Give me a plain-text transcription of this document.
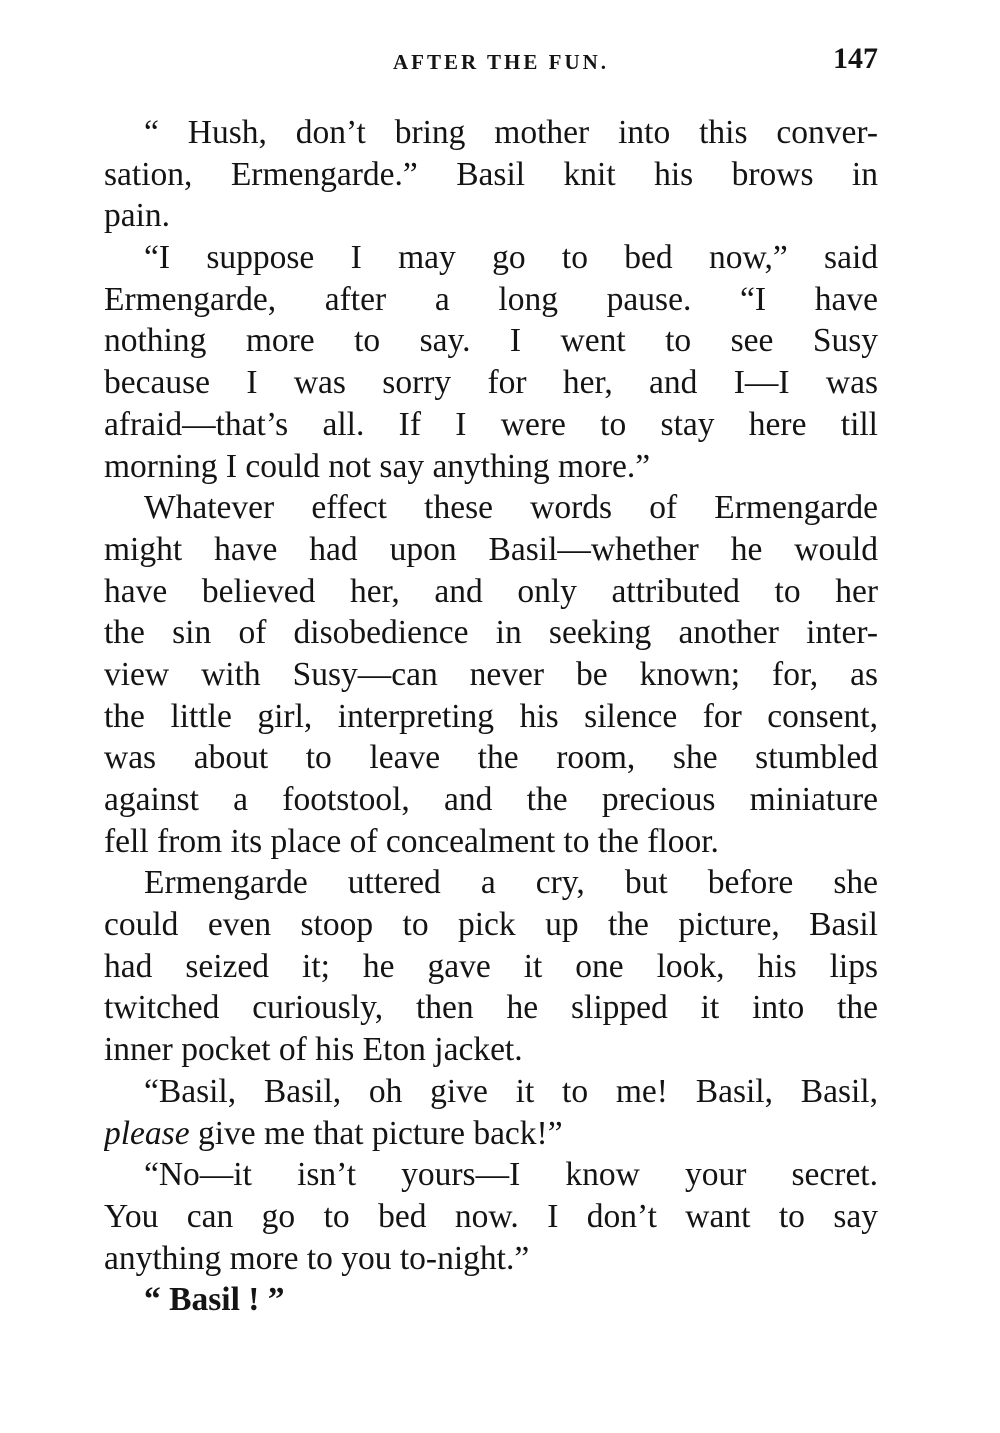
AFTER THE FUN.	147
“ Hush, don’t bring mother into this conver-
sation, Ermengarde.” Basil knit his brows in
pain.
“I suppose I may go to bed now,” said
Ermengarde, after a long pause. “I have
nothing more to say. I went to see Susy
because I was sorry for her, and I—I was
afraid—that’s all. If I were to stay here till
morning I could not say anything more.”
Whatever effect these words of Ermengarde
might have had upon Basil—whether he would
have believed her, and only attributed to her
the sin of disobedience in seeking another inter-
view with Susy—can never be known; for, as
the little girl, interpreting his silence for consent,
was about to leave the room, she stumbled
against a footstool, and the precious miniature
fell from its place of concealment to the floor.
Ermengarde uttered a cry, but before she
could even stoop to pick up the picture, Basil
had seized it; he gave it one look, his lips
twitched curiously, then he slipped it into the
inner pocket of his Eton jacket.
“Basil, Basil, oh give it to me! Basil, Basil,
please give me that picture back!”
“No—it isn’t yours—I know your secret.
You can go to bed now. I don’t want to say
anything more to you to-night.”
“ Basil ! ”
